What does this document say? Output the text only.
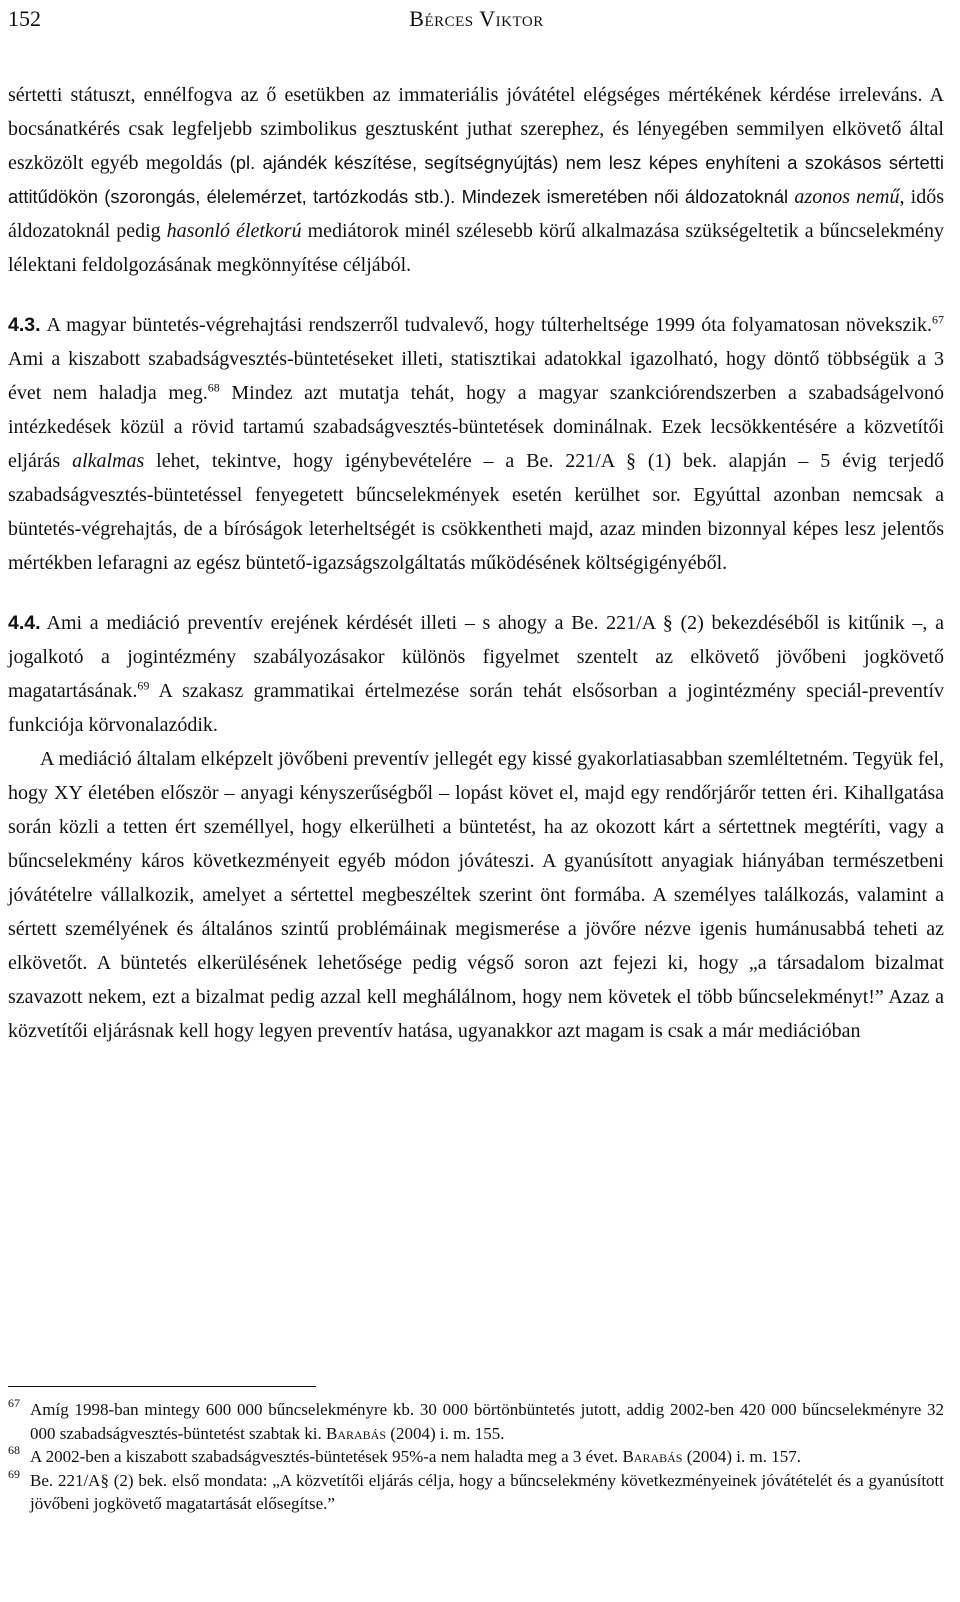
152	Bérces Viktor

sértetti státuszt, ennélfogva az ő esetükben az immateriális jóvátétel elégséges mértékének kérdése irreleváns. A bocsánatkérés csak legfeljebb szimbolikus gesztusként juthat szerephez, és lényegében semmilyen elkövető által eszközölt egyéb megoldás (pl. ajándék készítése, segítségnyújtás) nem lesz képes enyhíteni a szokásos sértetti attitűdökön (szorongás, élelemérzet, tartózkodás stb.). Mindezek ismeretében női áldozatoknál azonos nemű, idős áldozatoknál pedig hasonló életkorú mediátorok minél szélesebb körű alkalmazása szükségeltetik a bűncselekmény lélektani feldolgozásának megkönnyítése céljából.

4.3. A magyar büntetés-végrehajtási rendszerről tudvalevő, hogy túlterheltsége 1999 óta folyamatosan növekszik.$^{67}$ Ami a kiszabott szabadságvesztés-büntetéseket illeti, statisztikai adatokkal igazolható, hogy döntő többségük a 3 évet nem haladja meg.$^{68}$ Mindez azt mutatja tehát, hogy a magyar szankciórendszerben a szabadságelvonó intézkedések közül a rövid tartamú szabadságvesztés-büntetések dominálnak. Ezek lecsökkentésére a közvetítői eljárás alkalmas lehet, tekintve, hogy igénybevételére – a Be. 221/A § (1) bek. alapján – 5 évig terjedő szabadságvesztés-büntetéssel fenyegetett bűncselekmények esetén kerülhet sor. Egyúttal azonban nemcsak a büntetés-végrehajtás, de a bíróságok leterheltségét is csökkentheti majd, azaz minden bizonnyal képes lesz jelentős mértékben lefaragni az egész büntető-igazságszolgáltatás működésének költségigényéből.

4.4. Ami a mediáció preventív erejének kérdését illeti – s ahogy a Be. 221/A § (2) bekezdéséből is kitűnik –, a jogalkotó a jogintézmény szabályozásakor különös figyelmet szentelt az elkövető jövőbeni jogkövető magatartásának.$^{69}$ A szakasz grammatikai értelmezése során tehát elsősorban a jogintézmény speciál-preventív funkciója körvonalazódik.

A mediáció általam elképzelt jövőbeni preventív jellegét egy kissé gyakorlatiasabban szemléltetném. Tegyük fel, hogy XY életében először – anyagi kényszerűségből – lopást követ el, majd egy rendőrjárőr tetten éri. Kihallgatása során közli a tetten ért személlyel, hogy elkerülheti a büntetést, ha az okozott kárt a sértettnek megtéríti, vagy a bűncselekmény káros következményeit egyéb módon jóváteszi. A gyanúsított anyagiak hiányában természetbeni jóvátételre vállalkozik, amelyet a sértettel megbeszéltek szerint önt formába. A személyes találkozás, valamint a sértett személyének és általános szintű problémáinak megismerése a jövőre nézve igenis humánusabbá teheti az elkövetőt. A büntetés elkerülésének lehetősége pedig végső soron azt fejezi ki, hogy „a társadalom bizalmat szavazott nekem, ezt a bizalmat pedig azzal kell meghálálnom, hogy nem követek el több bűncselekményt!” Azaz a közvetítői eljárásnak kell hogy legyen preventív hatása, ugyanakkor azt magam is csak a már mediációban

67 Amíg 1998-ban mintegy 600 000 bűncselekményre kb. 30 000 börtönbüntetés jutott, addig 2002-ben 420 000 bűncselekményre 32 000 szabadságvesztés-büntetést szabtak ki. Barabás (2004) i. m. 155.
68 A 2002-ben a kiszabott szabadságvesztés-büntetések 95%-a nem haladta meg a 3 évet. Barabás (2004) i. m. 157.
69 Be. 221/A§ (2) bek. első mondata: „A közvetítői eljárás célja, hogy a bűncselekmény következményeinek jóvátételét és a gyanúsított jövőbeni jogkövető magatartását elősegítse.”
